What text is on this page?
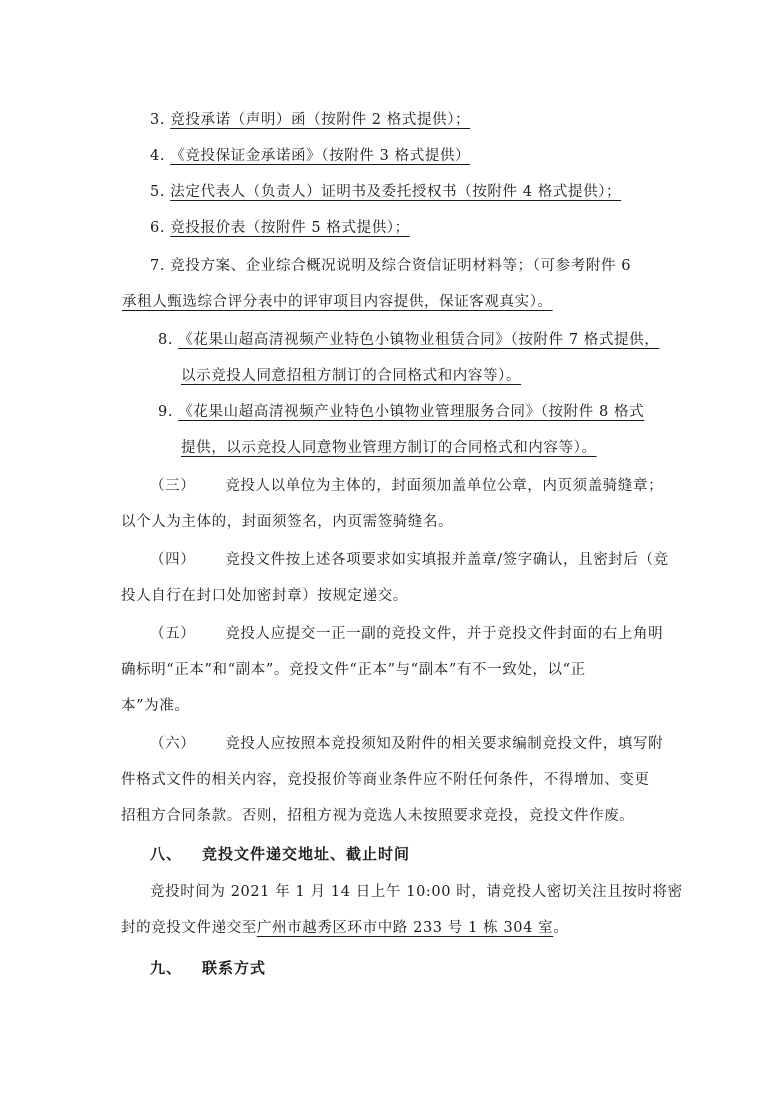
3. 竞投承诺（声明）函（按附件 2 格式提供）；
4. 《竞投保证金承诺函》（按附件 3 格式提供）
5. 法定代表人（负责人）证明书及委托授权书（按附件 4 格式提供）；
6. 竞投报价表（按附件 5 格式提供）；
7. 竞投方案、企业综合概况说明及综合资信证明材料等；（可参考附件 6
承租人甄选综合评分表中的评审项目内容提供，保证客观真实）。
8. 《花果山超高清视频产业特色小镇物业租赁合同》（按附件 7 格式提供，
以示竞投人同意招租方制订的合同格式和内容等）。
9. 《花果山超高清视频产业特色小镇物业管理服务合同》（按附件 8 格式
提供，以示竞投人同意物业管理方制订的合同格式和内容等）。
（三） 竞投人以单位为主体的，封面须加盖单位公章，内页须盖骑缝章；
以个人为主体的，封面须签名，内页需签骑缝名。
（四） 竞投文件按上述各项要求如实填报并盖章/签字确认，且密封后（竞
投人自行在封口处加密封章）按规定递交。
（五） 竞投人应提交一正一副的竞投文件，并于竞投文件封面的右上角明
确标明“正本”和“副本”。竞投文件“正本”与“副本”有不一致处，以“正
本”为准。
（六） 竞投人应按照本竞投须知及附件的相关要求编制竞投文件，填写附
件格式文件的相关内容，竞投报价等商业条件应不附任何条件，不得增加、变更
招租方合同条款。否则，招租方视为竞选人未按照要求竞投，竞投文件作废。
八、 竞投文件递交地址、截止时间
竞投时间为 2021 年 1 月 14 日上午 10:00 时，请竞投人密切关注且按时将密
封的竞投文件递交至广州市越秀区环市中路 233 号 1 栋 304 室。
九、 联系方式
